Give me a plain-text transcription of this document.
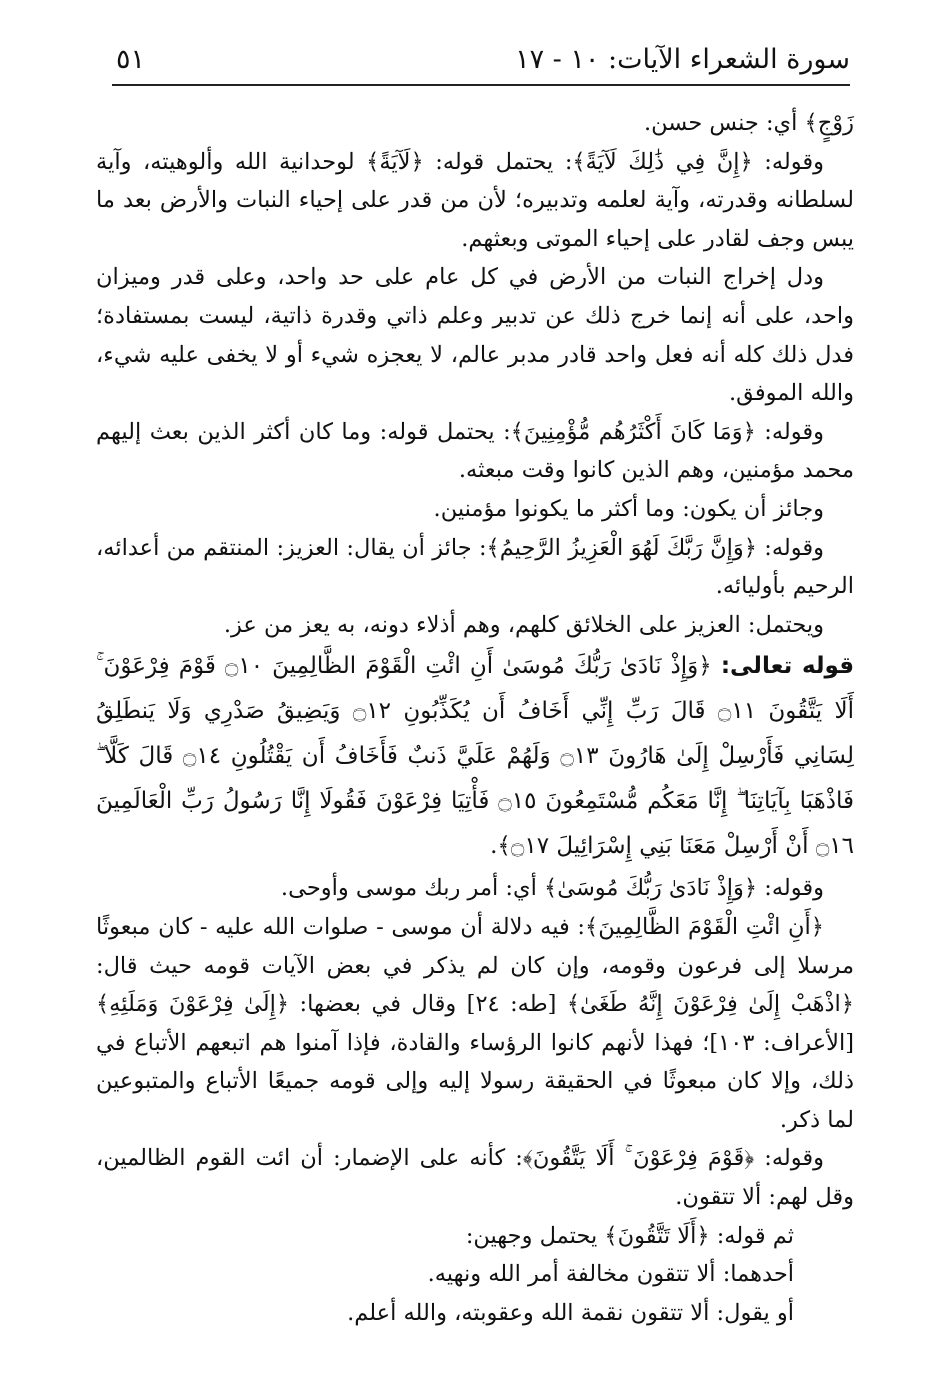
سورة الشعراء الآيات: ١٠ - ١٧
٥١

زَوْجٍ﴾ أي: جنس حسن.

وقوله: ﴿إِنَّ فِي ذَٰلِكَ لَآيَةً﴾: يحتمل قوله: ﴿لَآيَةً﴾ لوحدانية الله وألوهيته، وآية لسلطانه وقدرته، وآية لعلمه وتدبيره؛ لأن من قدر على إحياء النبات والأرض بعد ما يبس وجف لقادر على إحياء الموتى وبعثهم.

ودل إخراج النبات من الأرض في كل عام على حد واحد، وعلى قدر وميزان واحد، على أنه إنما خرج ذلك عن تدبير وعلم ذاتي وقدرة ذاتية، ليست بمستفادة؛ فدل ذلك كله أنه فعل واحد قادر مدبر عالم، لا يعجزه شيء أو لا يخفى عليه شيء، والله الموفق.

وقوله: ﴿وَمَا كَانَ أَكْثَرُهُم مُّؤْمِنِينَ﴾: يحتمل قوله: وما كان أكثر الذين بعث إليهم محمد مؤمنين، وهم الذين كانوا وقت مبعثه.

وجائز أن يكون: وما أكثر ما يكونوا مؤمنين.

وقوله: ﴿وَإِنَّ رَبَّكَ لَهُوَ الْعَزِيزُ الرَّحِيمُ﴾: جائز أن يقال: العزيز: المنتقم من أعدائه، الرحيم بأوليائه.

ويحتمل: العزيز على الخلائق كلهم، وهم أذلاء دونه، به يعز من عز.

قوله تعالى: ﴿وَإِذْ نَادَىٰ رَبُّكَ مُوسَىٰ أَنِ ائْتِ الْقَوْمَ الظَّالِمِينَ ۝١٠ قَوْمَ فِرْعَوْنَ ۚ أَلَا يَتَّقُونَ ۝١١ قَالَ رَبِّ إِنِّي أَخَافُ أَن يُكَذِّبُونِ ۝١٢ وَيَضِيقُ صَدْرِي وَلَا يَنطَلِقُ لِسَانِي فَأَرْسِلْ إِلَىٰ هَارُونَ ۝١٣ وَلَهُمْ عَلَيَّ ذَنبٌ فَأَخَافُ أَن يَقْتُلُونِ ۝١٤ قَالَ كَلَّا ۖ فَاذْهَبَا بِآيَاتِنَا ۖ إِنَّا مَعَكُم مُّسْتَمِعُونَ ۝١٥ فَأْتِيَا فِرْعَوْنَ فَقُولَا إِنَّا رَسُولُ رَبِّ الْعَالَمِينَ ۝١٦ أَنْ أَرْسِلْ مَعَنَا بَنِي إِسْرَائِيلَ ۝١٧﴾.

وقوله: ﴿وَإِذْ نَادَىٰ رَبُّكَ مُوسَىٰ﴾ أي: أمر ربك موسى وأوحى.

﴿أَنِ ائْتِ الْقَوْمَ الظَّالِمِينَ﴾: فيه دلالة أن موسى - صلوات الله عليه - كان مبعوثًا مرسلا إلى فرعون وقومه، وإن كان لم يذكر في بعض الآيات قومه حيث قال: ﴿اذْهَبْ إِلَىٰ فِرْعَوْنَ إِنَّهُ طَغَىٰ﴾ [طه: ٢٤] وقال في بعضها: ﴿إِلَىٰ فِرْعَوْنَ وَمَلَئِهِ﴾ [الأعراف: ١٠٣]؛ فهذا لأنهم كانوا الرؤساء والقادة، فإذا آمنوا هم اتبعهم الأتباع في ذلك، وإلا كان مبعوثًا في الحقيقة رسولا إليه وإلى قومه جميعًا الأتباع والمتبوعين لما ذكر.

وقوله: ﴿قَوْمَ فِرْعَوْنَ ۚ أَلَا يَتَّقُونَ﴾: كأنه على الإضمار: أن ائت القوم الظالمين، وقل لهم: ألا تتقون.

ثم قوله: ﴿أَلَا تَتَّقُونَ﴾ يحتمل وجهين:

أحدهما: ألا تتقون مخالفة أمر الله ونهيه.

أو يقول: ألا تتقون نقمة الله وعقوبته، والله أعلم.
